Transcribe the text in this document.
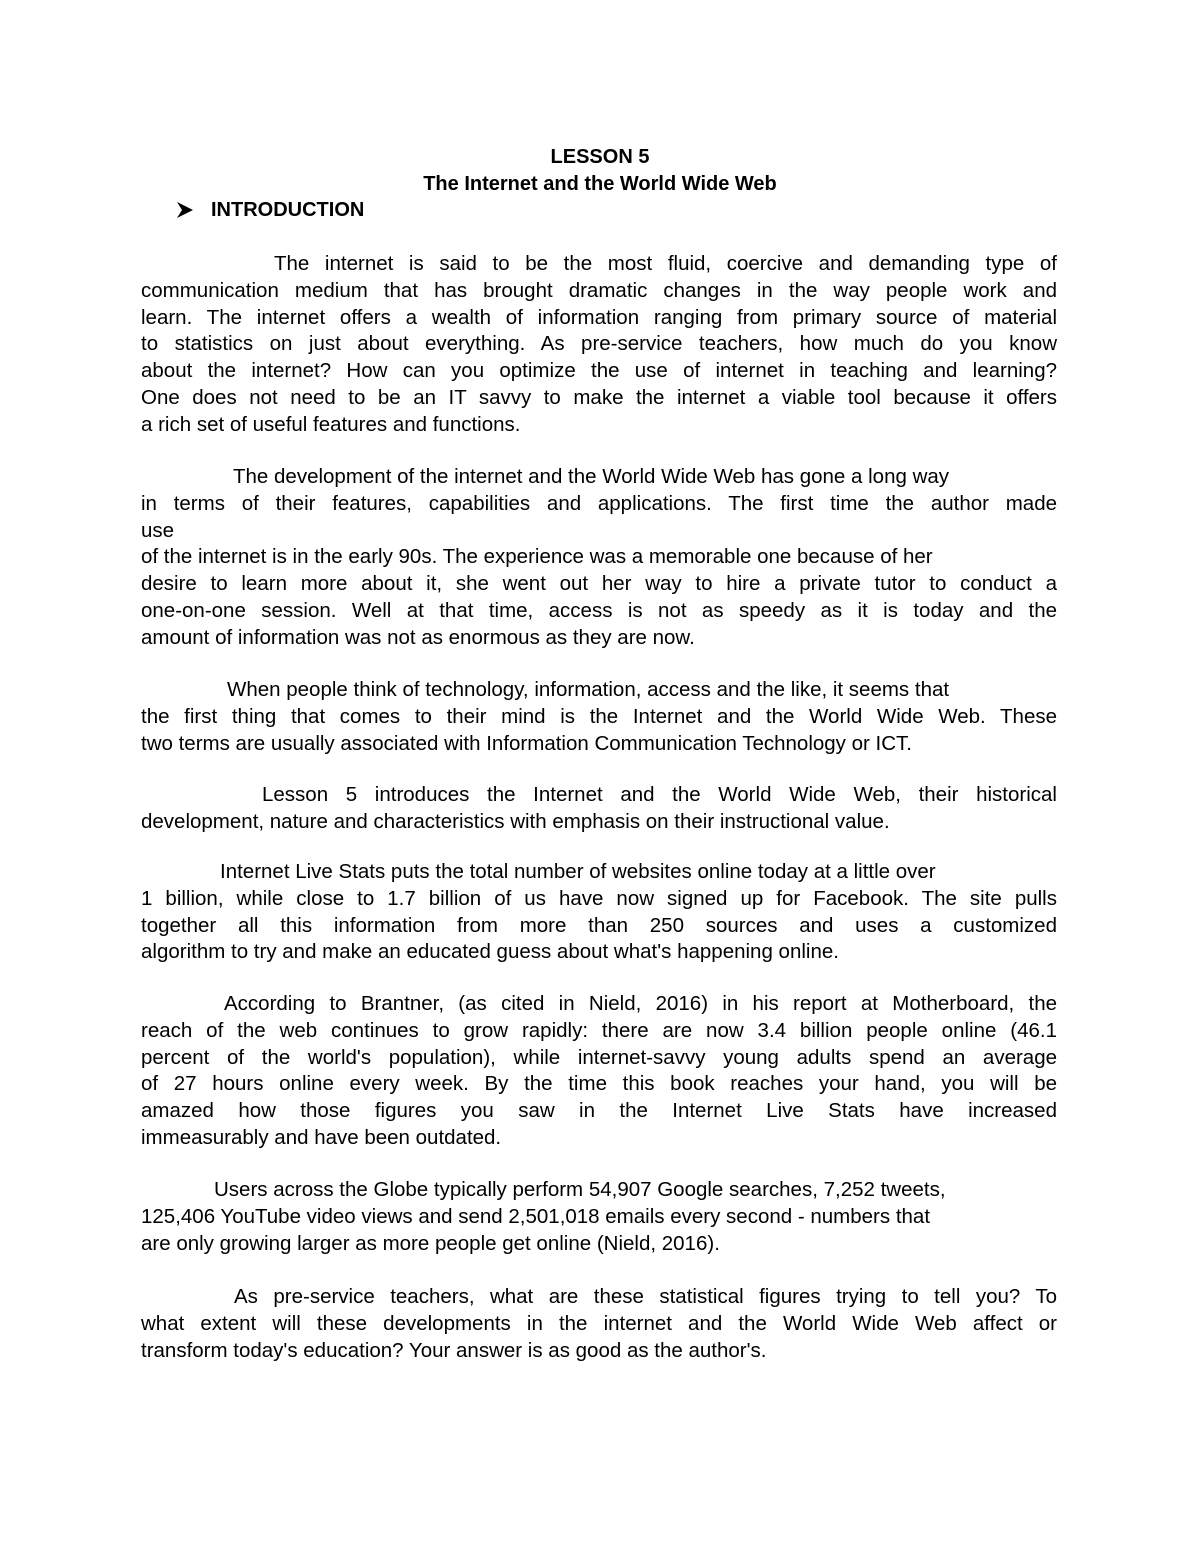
LESSON 5
The Internet and the World Wide Web
INTRODUCTION
The internet is said to be the most fluid, coercive and demanding type of
communication medium that has brought dramatic changes in the way people work and
learn. The internet offers a wealth of information ranging from primary source of material
to statistics on just about everything. As pre-service teachers, how much do you know
about the internet? How can you optimize the use of internet in teaching and learning?
One does not need to be an IT savvy to make the internet a viable tool because it offers
a rich set of useful features and functions.
The development of the internet and the World Wide Web has gone a long way
in terms of their features, capabilities and applications. The first time the author made
use
of the internet is in the early 90s. The experience was a memorable one because of her
desire to learn more about it, she went out her way to hire a private tutor to conduct a
one-on-one session. Well at that time, access is not as speedy as it is today and the
amount of information was not as enormous as they are now.
When people think of technology, information, access and the like, it seems that
the first thing that comes to their mind is the Internet and the World Wide Web. These
two terms are usually associated with Information Communication Technology or ICT.
Lesson 5 introduces the Internet and the World Wide Web, their historical
development, nature and characteristics with emphasis on their instructional value.
Internet Live Stats puts the total number of websites online today at a little over
1 billion, while close to 1.7 billion of us have now signed up for Facebook. The site pulls
together all this information from more than 250 sources and uses a customized
algorithm to try and make an educated guess about what's happening online.
According to Brantner, (as cited in Nield, 2016) in his report at Motherboard, the
reach of the web continues to grow rapidly: there are now 3.4 billion people online (46.1
percent of the world's population), while internet-savvy young adults spend an average
of 27 hours online every week. By the time this book reaches your hand, you will be
amazed how those figures you saw in the Internet Live Stats have increased
immeasurably and have been outdated.
Users across the Globe typically perform 54,907 Google searches, 7,252 tweets,
125,406 YouTube video views and send 2,501,018 emails every second - numbers that
are only growing larger as more people get online (Nield, 2016).
As pre-service teachers, what are these statistical figures trying to tell you? To
what extent will these developments in the internet and the World Wide Web affect or
transform today's education? Your answer is as good as the author's.
